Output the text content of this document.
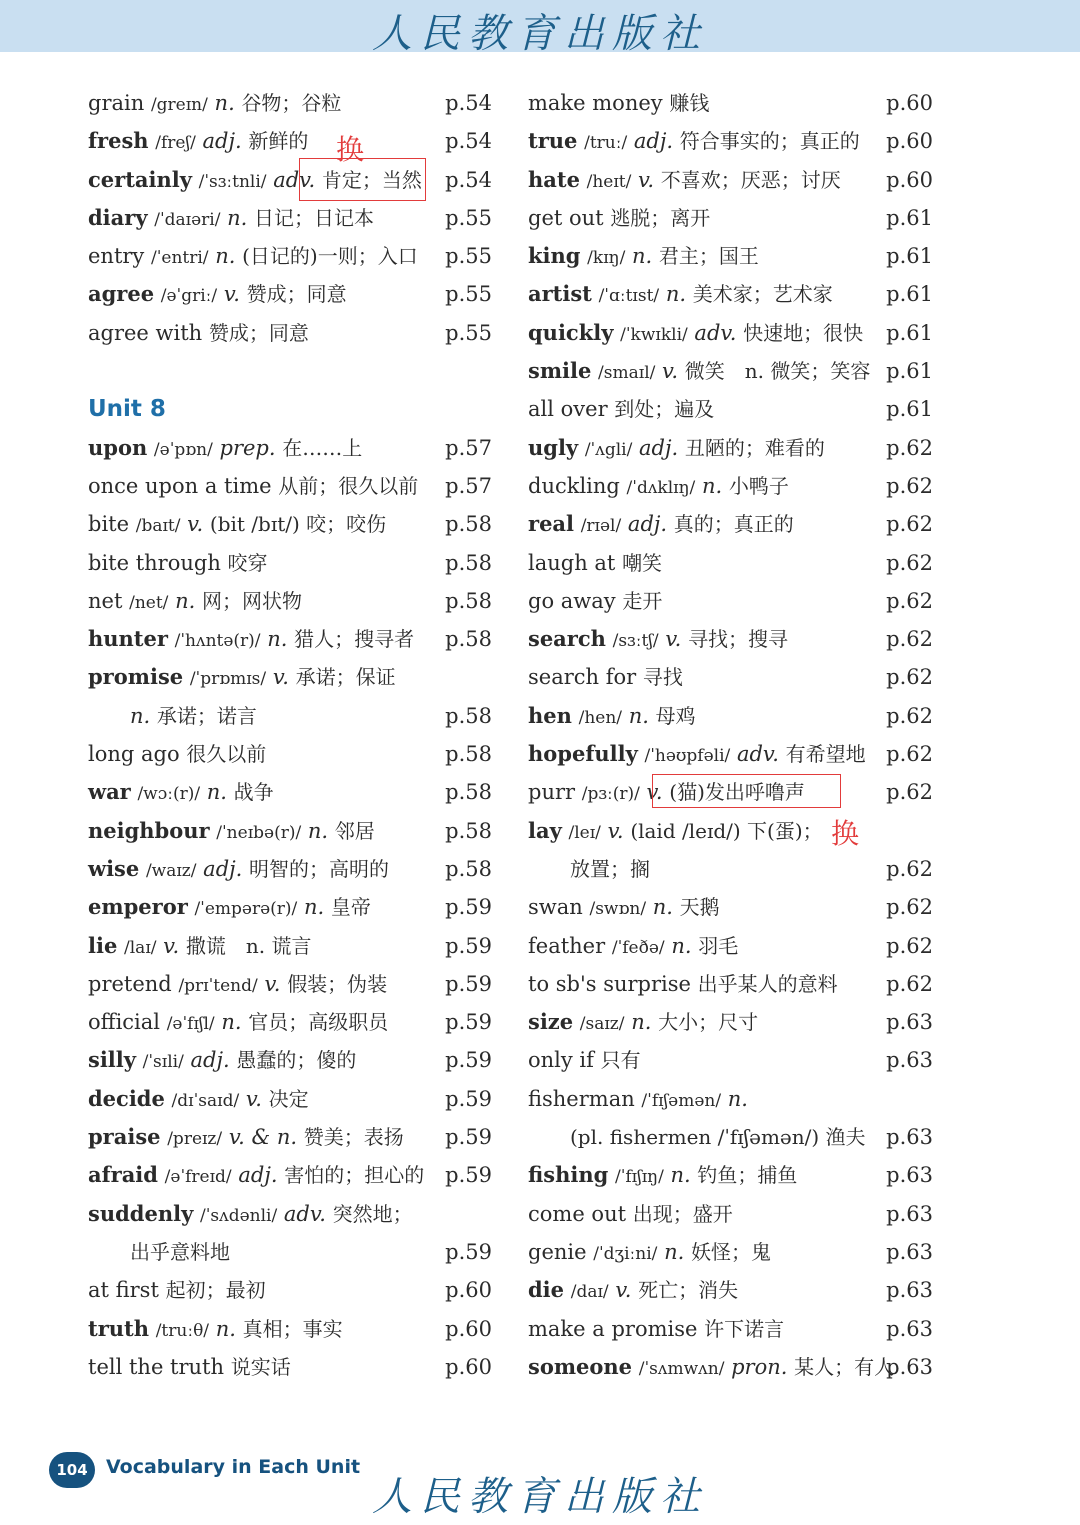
人民教育出版社
grain /greɪn/ n. 谷物；谷粒	p.54
fresh /freʃ/ adj. 新鲜的	p.54
certainly /ˈsɜːtnli/ adv. 肯定；当然 p.54
diary /ˈdaɪəri/ n. 日记；日记本	p.55
entry /ˈentri/ n. (日记的)一则；入口 p.55
agree /əˈgriː/ v. 赞成；同意	p.55
agree with 赞成；同意	p.55
Unit 8
upon /əˈpɒn/ prep. 在……上	p.57
once upon a time 从前；很久以前 p.57
bite /baɪt/ v. (bit /bɪt/) 咬；咬伤	p.58
bite through 咬穿	p.58
net /net/ n. 网；网状物	p.58
hunter /ˈhʌntə(r)/ n. 猎人；搜寻者 p.58
promise /ˈprɒmɪs/ v. 承诺；保证
n. 承诺；诺言	p.58
long ago 很久以前	p.58
war /wɔː(r)/ n. 战争	p.58
neighbour /ˈneɪbə(r)/ n. 邻居	p.58
wise /waɪz/ adj. 明智的；高明的	p.58
emperor /ˈempərə(r)/ n. 皇帝	p.59
lie /laɪ/ v. 撒谎　n. 谎言	p.59
pretend /prɪˈtend/ v. 假装；伪装	p.59
official /əˈfɪʃl/ n. 官员；高级职员	p.59
silly /ˈsɪli/ adj. 愚蠢的；傻的	p.59
decide /dɪˈsaɪd/ v. 决定	p.59
praise /preɪz/ v. & n. 赞美；表扬 p.59
afraid /əˈfreɪd/ adj. 害怕的；担心的 p.59
suddenly /ˈsʌdənli/ adv. 突然地；
出乎意料地	p.59
at first 起初；最初	p.60
truth /truːθ/ n. 真相；事实	p.60
tell the truth 说实话	p.60
make money 赚钱	p.60
true /truː/ adj. 符合事实的；真正的 p.60
hate /heɪt/ v. 不喜欢；厌恶；讨厌 p.60
get out 逃脱；离开	p.61
king /kɪŋ/ n. 君主；国王	p.61
artist /ˈɑːtɪst/ n. 美术家；艺术家	p.61
quickly /ˈkwɪkli/ adv. 快速地；很快 p.61
smile /smaɪl/ v. 微笑　n. 微笑；笑容 p.61
all over 到处；遍及	p.61
ugly /ˈʌgli/ adj. 丑陋的；难看的	p.62
duckling /ˈdʌklɪŋ/ n. 小鸭子	p.62
real /rɪəl/ adj. 真的；真正的	p.62
laugh at 嘲笑	p.62
go away 走开	p.62
search /sɜːtʃ/ v. 寻找；搜寻	p.62
search for 寻找	p.62
hen /hen/ n. 母鸡	p.62
hopefully /ˈhəʊpfəli/ adv. 有希望地 p.62
purr /pɜː(r)/ v. (猫)发出呼噜声	p.62
lay /leɪ/ v. (laid /leɪd/) 下(蛋)；
放置；搁	p.62
swan /swɒn/ n. 天鹅	p.62
feather /ˈfeðə/ n. 羽毛	p.62
to sb's surprise 出乎某人的意料 p.62
size /saɪz/ n. 大小；尺寸	p.63
only if 只有	p.63
fisherman /ˈfɪʃəmən/ n.
(pl. fishermen /ˈfɪʃəmən/) 渔夫 p.63
fishing /ˈfɪʃɪŋ/ n. 钓鱼；捕鱼	p.63
come out 出现；盛开	p.63
genie /ˈdʒiːni/ n. 妖怪；鬼	p.63
die /daɪ/ v. 死亡；消失	p.63
make a promise 许下诺言	p.63
someone /ˈsʌmwʌn/ pron. 某人；有人
p.63
换
换
104 Vocabulary in Each Unit
人民教育出版社
